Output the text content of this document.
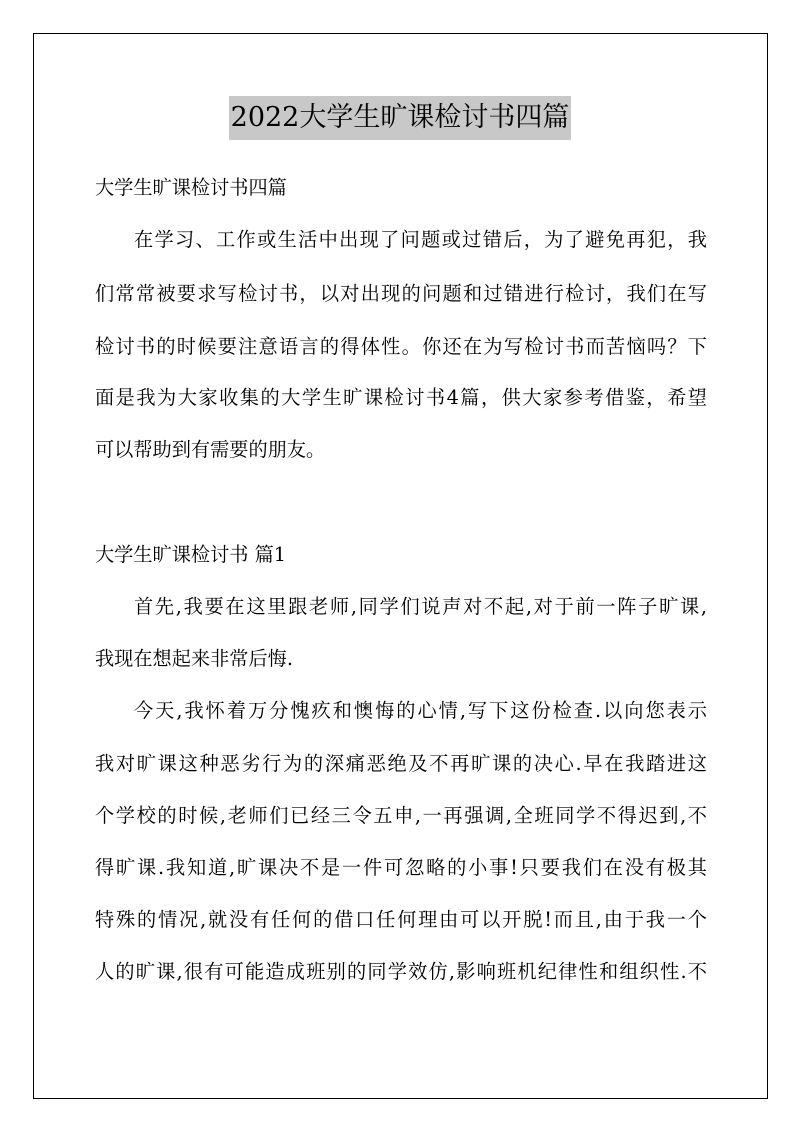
2022大学生旷课检讨书四篇
大学生旷课检讨书四篇
在学习、工作或生活中出现了问题或过错后，为了避免再犯，我
们常常被要求写检讨书，以对出现的问题和过错进行检讨，我们在写
检讨书的时候要注意语言的得体性。你还在为写检讨书而苦恼吗？下
面是我为大家收集的大学生旷课检讨书4篇，供大家参考借鉴，希望
可以帮助到有需要的朋友。
大学生旷课检讨书 篇1
首先,我要在这里跟老师,同学们说声对不起,对于前一阵子旷课,
我现在想起来非常后悔.
今天,我怀着万分愧疚和懊悔的心情,写下这份检查.以向您表示
我对旷课这种恶劣行为的深痛恶绝及不再旷课的决心.早在我踏进这
个学校的时候,老师们已经三令五申,一再强调,全班同学不得迟到,不
得旷课.我知道,旷课决不是一件可忽略的小事!只要我们在没有极其
特殊的情况,就没有任何的借口任何理由可以开脱!而且,由于我一个
人的旷课,很有可能造成班别的同学效仿,影响班机纪律性和组织性.不
